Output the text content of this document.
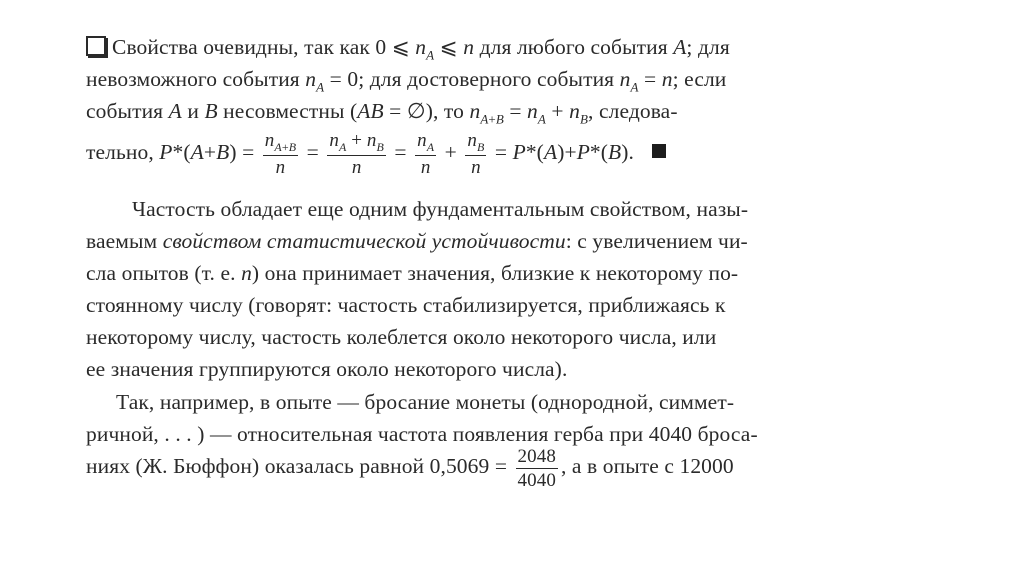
Свойства очевидны, так как 0 ⩽ $n_A$ ⩽ n для любого события A; для
невозможного события $n_A = 0$; для достоверного события $n_A = n$; если
события A и B несовместны (AB = ∅), то $n_{A+B} = n_A + n_B$, следова-
тельно, $P*(A+B) = \frac{n_{A+B}}{n} = \frac{n_A + n_B}{n} = \frac{n_A}{n} + \frac{n_B}{n} = P*(A)+P*(B)$.
Частость обладает еще одним фундаментальным свойством, назы-
ваемым свойством статистической устойчивости: с увеличением чи-
сла опытов (т. е. n) она принимает значения, близкие к некоторому по-
стоянному числу (говорят: частость стабилизируется, приближаясь к
некоторому числу, частость колеблется около некоторого числа, или
ее значения группируются около некоторого числа).
Так, например, в опыте — бросание монеты (однородной, симмет-
ричной, . . . ) — относительная частота появления герба при 4040 броса-
ниях (Ж. Бюффон) оказалась равной $0,5069 = \frac{2048}{4040}$ , а в опыте с 12000
